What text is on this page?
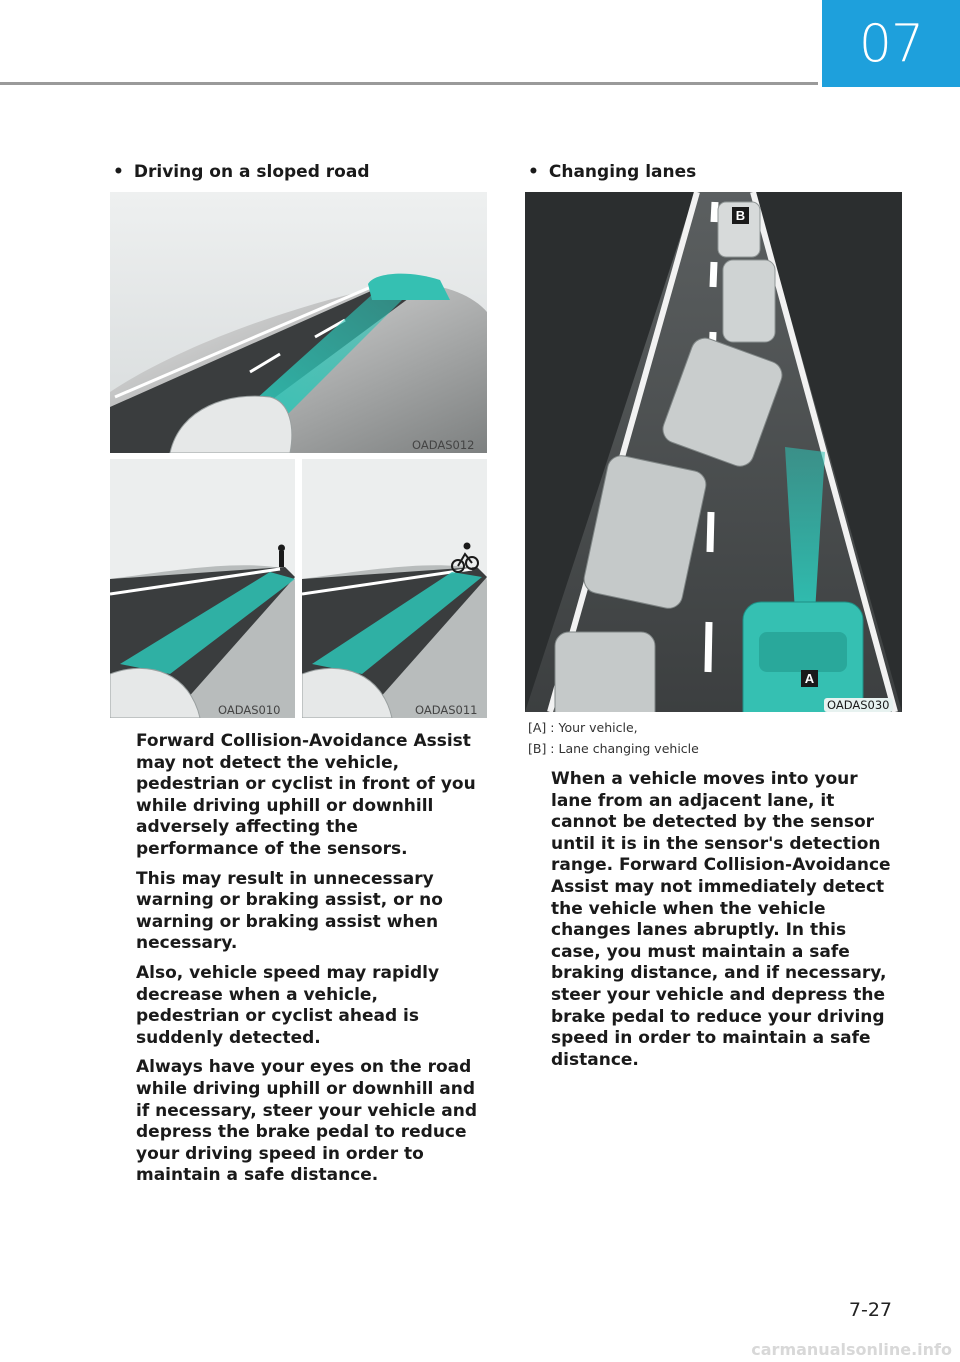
07
• Driving on a sloped road
OADAS012
OADAS010	OADAS011

Forward Collision-Avoidance Assist may not detect the vehicle, pedestrian or cyclist in front of you while driving uphill or downhill adversely affecting the performance of the sensors.

This may result in unnecessary warning or braking assist, or no warning or braking assist when necessary.

Also, vehicle speed may rapidly decrease when a vehicle, pedestrian or cyclist ahead is suddenly detected.

Always have your eyes on the road while driving uphill or downhill and if necessary, steer your vehicle and depress the brake pedal to reduce your driving speed in order to maintain a safe distance.

• Changing lanes
A
B
OADAS030
[A] : Your vehicle,
[B] : Lane changing vehicle

When a vehicle moves into your lane from an adjacent lane, it cannot be detected by the sensor until it is in the sensor's detection range. Forward Collision-Avoidance Assist may not immediately detect the vehicle when the vehicle changes lanes abruptly. In this case, you must maintain a safe braking distance, and if necessary, steer your vehicle and depress the brake pedal to reduce your driving speed in order to maintain a safe distance.

7-27
carmanualsonline.info
